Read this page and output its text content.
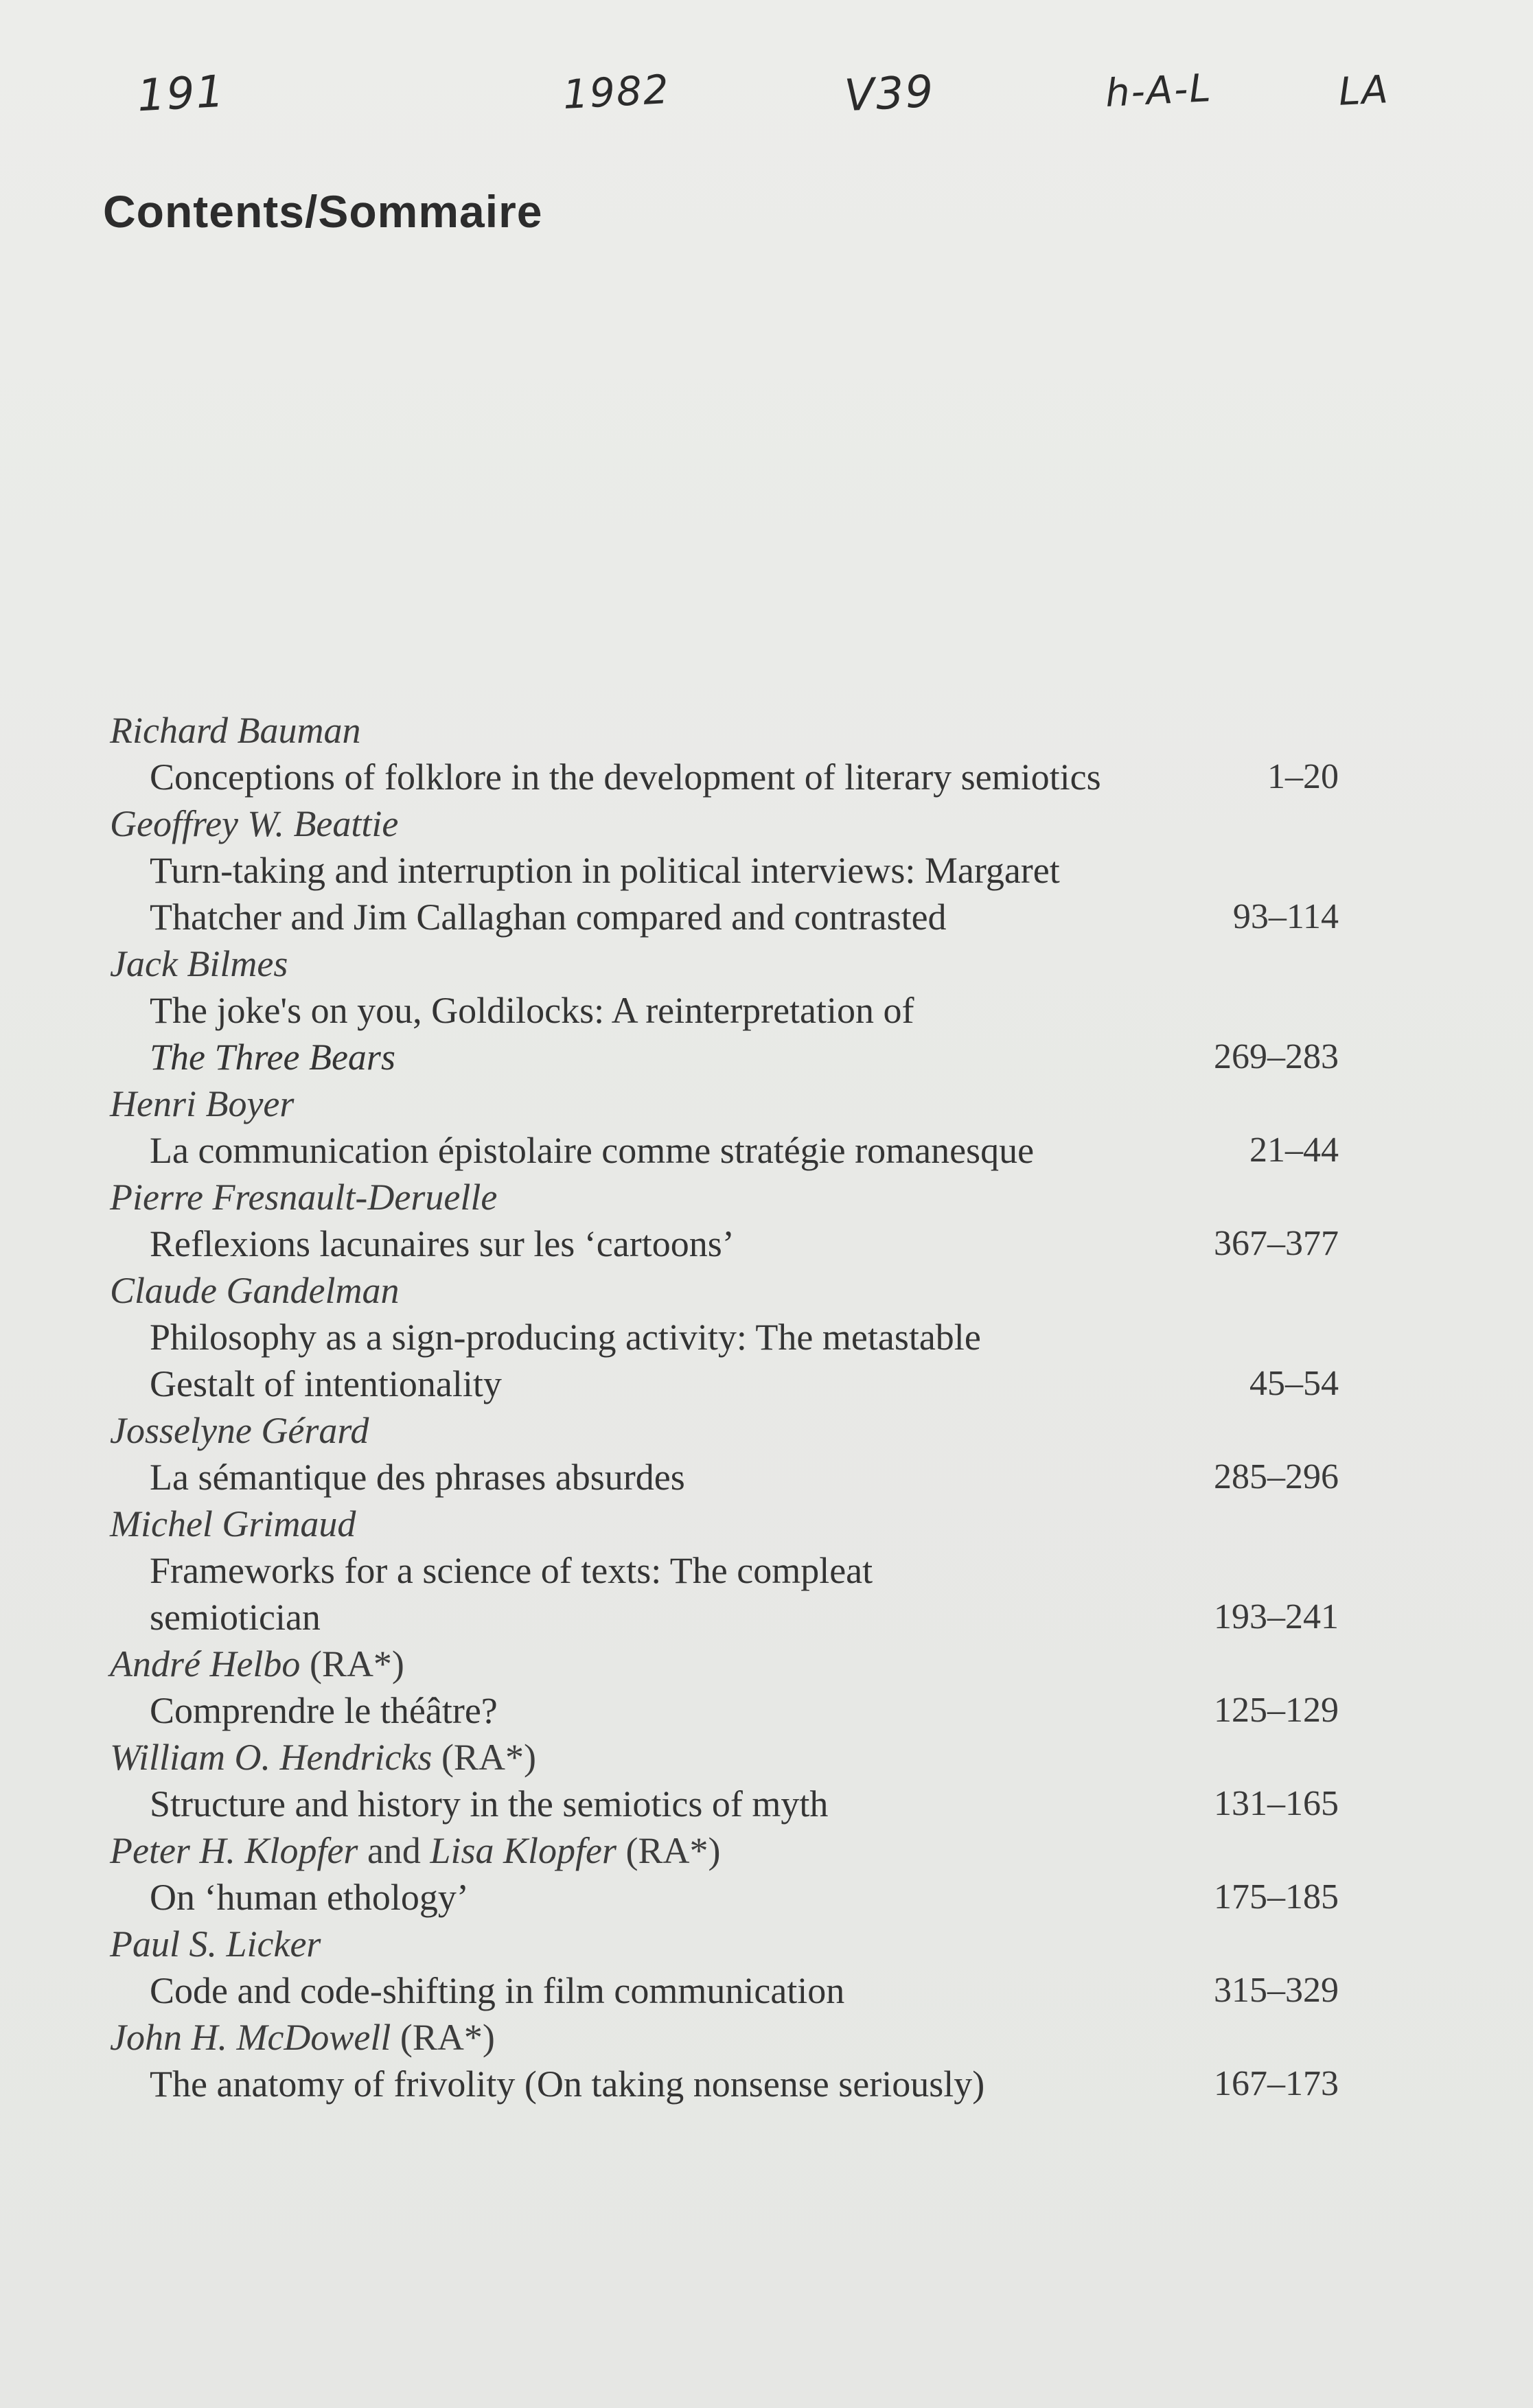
191	1982	V39	h-A-L	LA
Contents/Sommaire
Richard Bauman
Conceptions of folklore in the development of literary semiotics	1–20
Geoffrey W. Beattie
Turn-taking and interruption in political interviews: Margaret
Thatcher and Jim Callaghan compared and contrasted	93–114
Jack Bilmes
The joke's on you, Goldilocks: A reinterpretation of
The Three Bears	269–283
Henri Boyer
La communication épistolaire comme stratégie romanesque	21–44
Pierre Fresnault-Deruelle
Reflexions lacunaires sur les ‘cartoons’	367–377
Claude Gandelman
Philosophy as a sign-producing activity: The metastable
Gestalt of intentionality	45–54
Josselyne Gérard
La sémantique des phrases absurdes	285–296
Michel Grimaud
Frameworks for a science of texts: The compleat
semiotician	193–241
André Helbo (RA*)
Comprendre le théâtre?	125–129
William O. Hendricks (RA*)
Structure and history in the semiotics of myth	131–165
Peter H. Klopfer and Lisa Klopfer (RA*)
On ‘human ethology’	175–185
Paul S. Licker
Code and code-shifting in film communication	315–329
John H. McDowell (RA*)
The anatomy of frivolity (On taking nonsense seriously)	167–173
